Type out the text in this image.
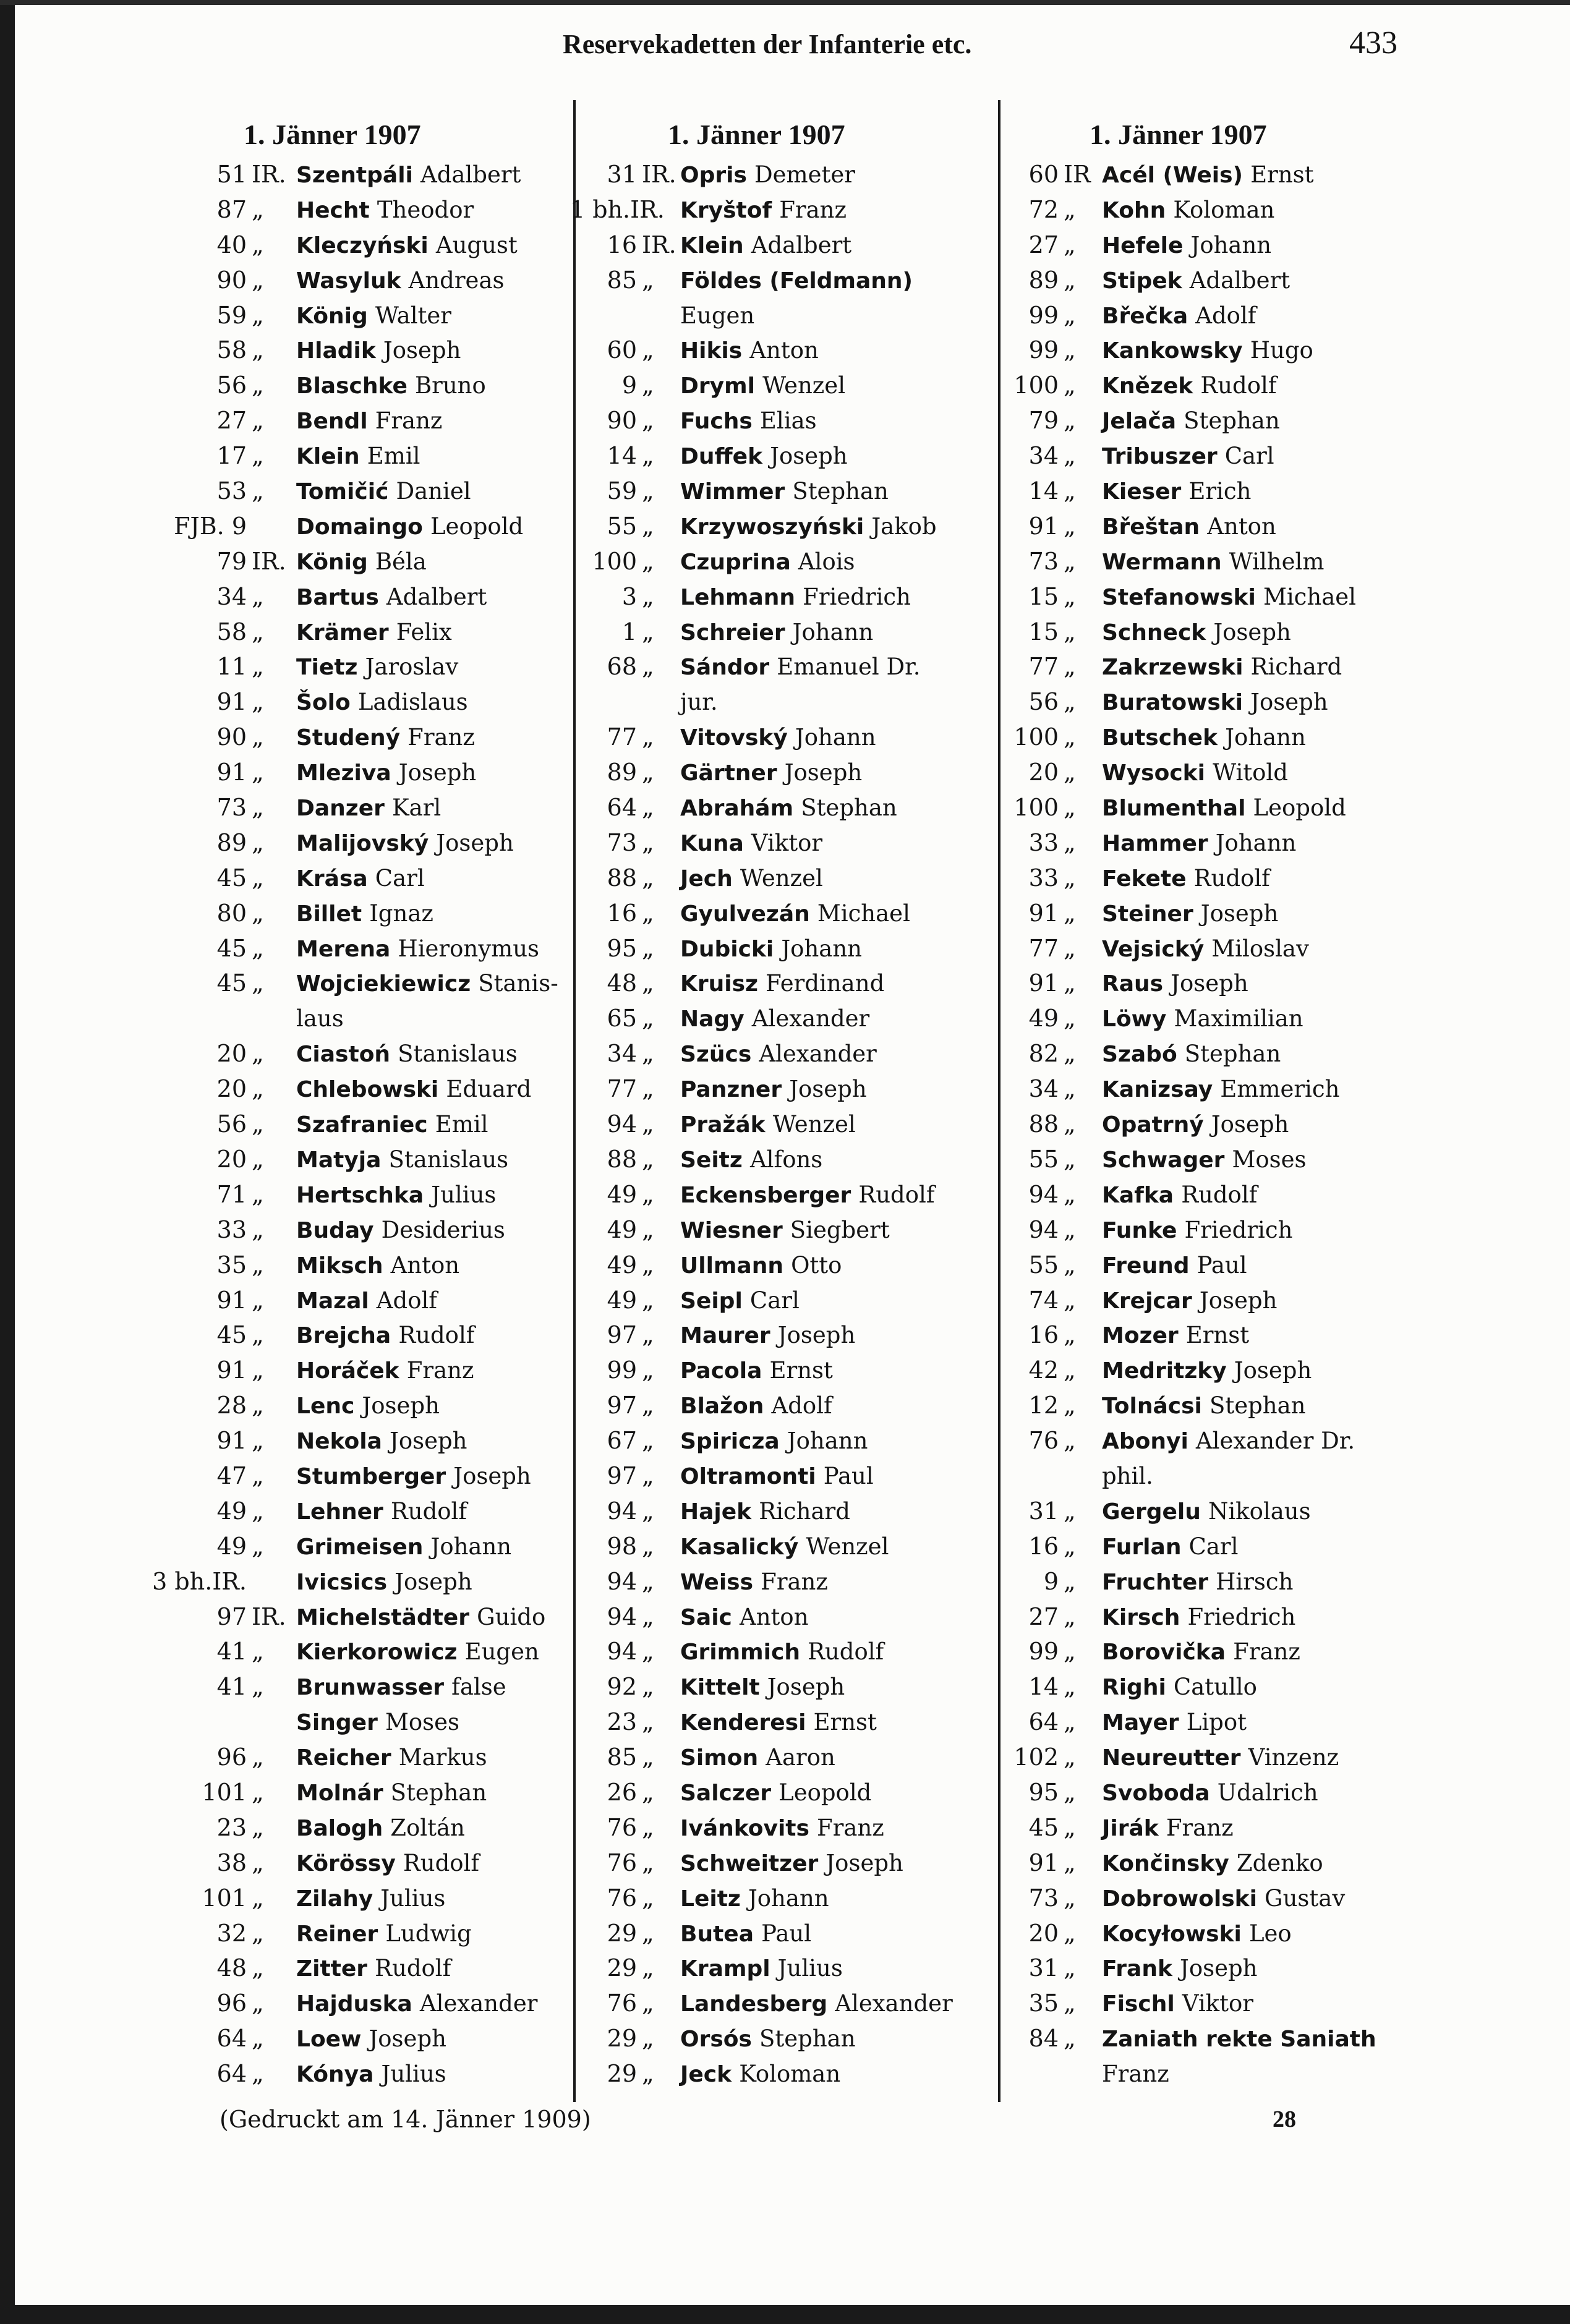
Reservekadetten der Infanterie etc.	433
1. Jänner 1907
51 IR. Szentpáli Adalbert
87 „ Hecht Theodor
40 „ Kleczyński August
90 „ Wasyluk Andreas
59 „ König Walter
58 „ Hladik Joseph
56 „ Blaschke Bruno
27 „ Bendl Franz
17 „ Klein Emil
53 „ Tomičić Daniel
FJB. 9 Domaingo Leopold
79 IR. König Béla
34 „ Bartus Adalbert
58 „ Krämer Felix
11 „ Tietz Jaroslav
91 „ Šolo Ladislaus
90 „ Studený Franz
91 „ Mleziva Joseph
73 „ Danzer Karl
89 „ Malijovský Joseph
45 „ Krása Carl
80 „ Billet Ignaz
45 „ Merena Hieronymus
45 „ Wojciekiewicz Stanis-
laus
20 „ Ciastoń Stanislaus
20 „ Chlebowski Eduard
56 „ Szafraniec Emil
20 „ Matyja Stanislaus
71 „ Hertschka Julius
33 „ Buday Desiderius
35 „ Miksch Anton
91 „ Mazal Adolf
45 „ Brejcha Rudolf
91 „ Horáček Franz
28 „ Lenc Joseph
91 „ Nekola Joseph
47 „ Stumberger Joseph
49 „ Lehner Rudolf
49 „ Grimeisen Johann
3 bh.IR. Ivicsics Joseph
97 IR. Michelstädter Guido
41 „ Kierkorowicz Eugen
41 „ Brunwasser false
Singer Moses
96 „ Reicher Markus
101 „ Molnár Stephan
23 „ Balogh Zoltán
38 „ Körössy Rudolf
101 „ Zilahy Julius
32 „ Reiner Ludwig
48 „ Zitter Rudolf
96 „ Hajduska Alexander
64 „ Loew Joseph
64 „ Kónya Julius
1. Jänner 1907
31 IR. Opris Demeter
1 bh.IR. Kryštof Franz
16 IR. Klein Adalbert
85 „ Földes (Feldmann)
Eugen
60 „ Hikis Anton
9 „ Dryml Wenzel
90 „ Fuchs Elias
14 „ Duffek Joseph
59 „ Wimmer Stephan
55 „ Krzywoszyński Jakob
100 „ Czuprina Alois
3 „ Lehmann Friedrich
1 „ Schreier Johann
68 „ Sándor Emanuel Dr.
jur.
77 „ Vitovský Johann
89 „ Gärtner Joseph
64 „ Abrahám Stephan
73 „ Kuna Viktor
88 „ Jech Wenzel
16 „ Gyulvezán Michael
95 „ Dubicki Johann
48 „ Kruisz Ferdinand
65 „ Nagy Alexander
34 „ Szücs Alexander
77 „ Panzner Joseph
94 „ Pražák Wenzel
88 „ Seitz Alfons
49 „ Eckensberger Rudolf
49 „ Wiesner Siegbert
49 „ Ullmann Otto
49 „ Seipl Carl
97 „ Maurer Joseph
99 „ Pacola Ernst
97 „ Blažon Adolf
67 „ Spiricza Johann
97 „ Oltramonti Paul
94 „ Hajek Richard
98 „ Kasalický Wenzel
94 „ Weiss Franz
94 „ Saic Anton
94 „ Grimmich Rudolf
92 „ Kittelt Joseph
23 „ Kenderesi Ernst
85 „ Simon Aaron
26 „ Salczer Leopold
76 „ Ivánkovits Franz
76 „ Schweitzer Joseph
76 „ Leitz Johann
29 „ Butea Paul
29 „ Krampl Julius
76 „ Landesberg Alexander
29 „ Orsós Stephan
29 „ Jeck Koloman
1. Jänner 1907
60 IR Acél (Weis) Ernst
72 „ Kohn Koloman
27 „ Hefele Johann
89 „ Stipek Adalbert
99 „ Břečka Adolf
99 „ Kankowsky Hugo
100 „ Knězek Rudolf
79 „ Jelača Stephan
34 „ Tribuszer Carl
14 „ Kieser Erich
91 „ Břeštan Anton
73 „ Wermann Wilhelm
15 „ Stefanowski Michael
15 „ Schneck Joseph
77 „ Zakrzewski Richard
56 „ Buratowski Joseph
100 „ Butschek Johann
20 „ Wysocki Witold
100 „ Blumenthal Leopold
33 „ Hammer Johann
33 „ Fekete Rudolf
91 „ Steiner Joseph
77 „ Vejsický Miloslav
91 „ Raus Joseph
49 „ Löwy Maximilian
82 „ Szabó Stephan
34 „ Kanizsay Emmerich
88 „ Opatrný Joseph
55 „ Schwager Moses
94 „ Kafka Rudolf
94 „ Funke Friedrich
55 „ Freund Paul
74 „ Krejcar Joseph
16 „ Mozer Ernst
42 „ Medritzky Joseph
12 „ Tolnácsi Stephan
76 „ Abonyi Alexander Dr.
phil.
31 „ Gergelu Nikolaus
16 „ Furlan Carl
9 „ Fruchter Hirsch
27 „ Kirsch Friedrich
99 „ Borovička Franz
14 „ Righi Catullo
64 „ Mayer Lipot
102 „ Neureutter Vinzenz
95 „ Svoboda Udalrich
45 „ Jirák Franz
91 „ Končinsky Zdenko
73 „ Dobrowolski Gustav
20 „ Kocyłowski Leo
31 „ Frank Joseph
35 „ Fischl Viktor
84 „ Zaniath rekte Saniath
Franz
(Gedruckt am 14. Jänner 1909)	28
